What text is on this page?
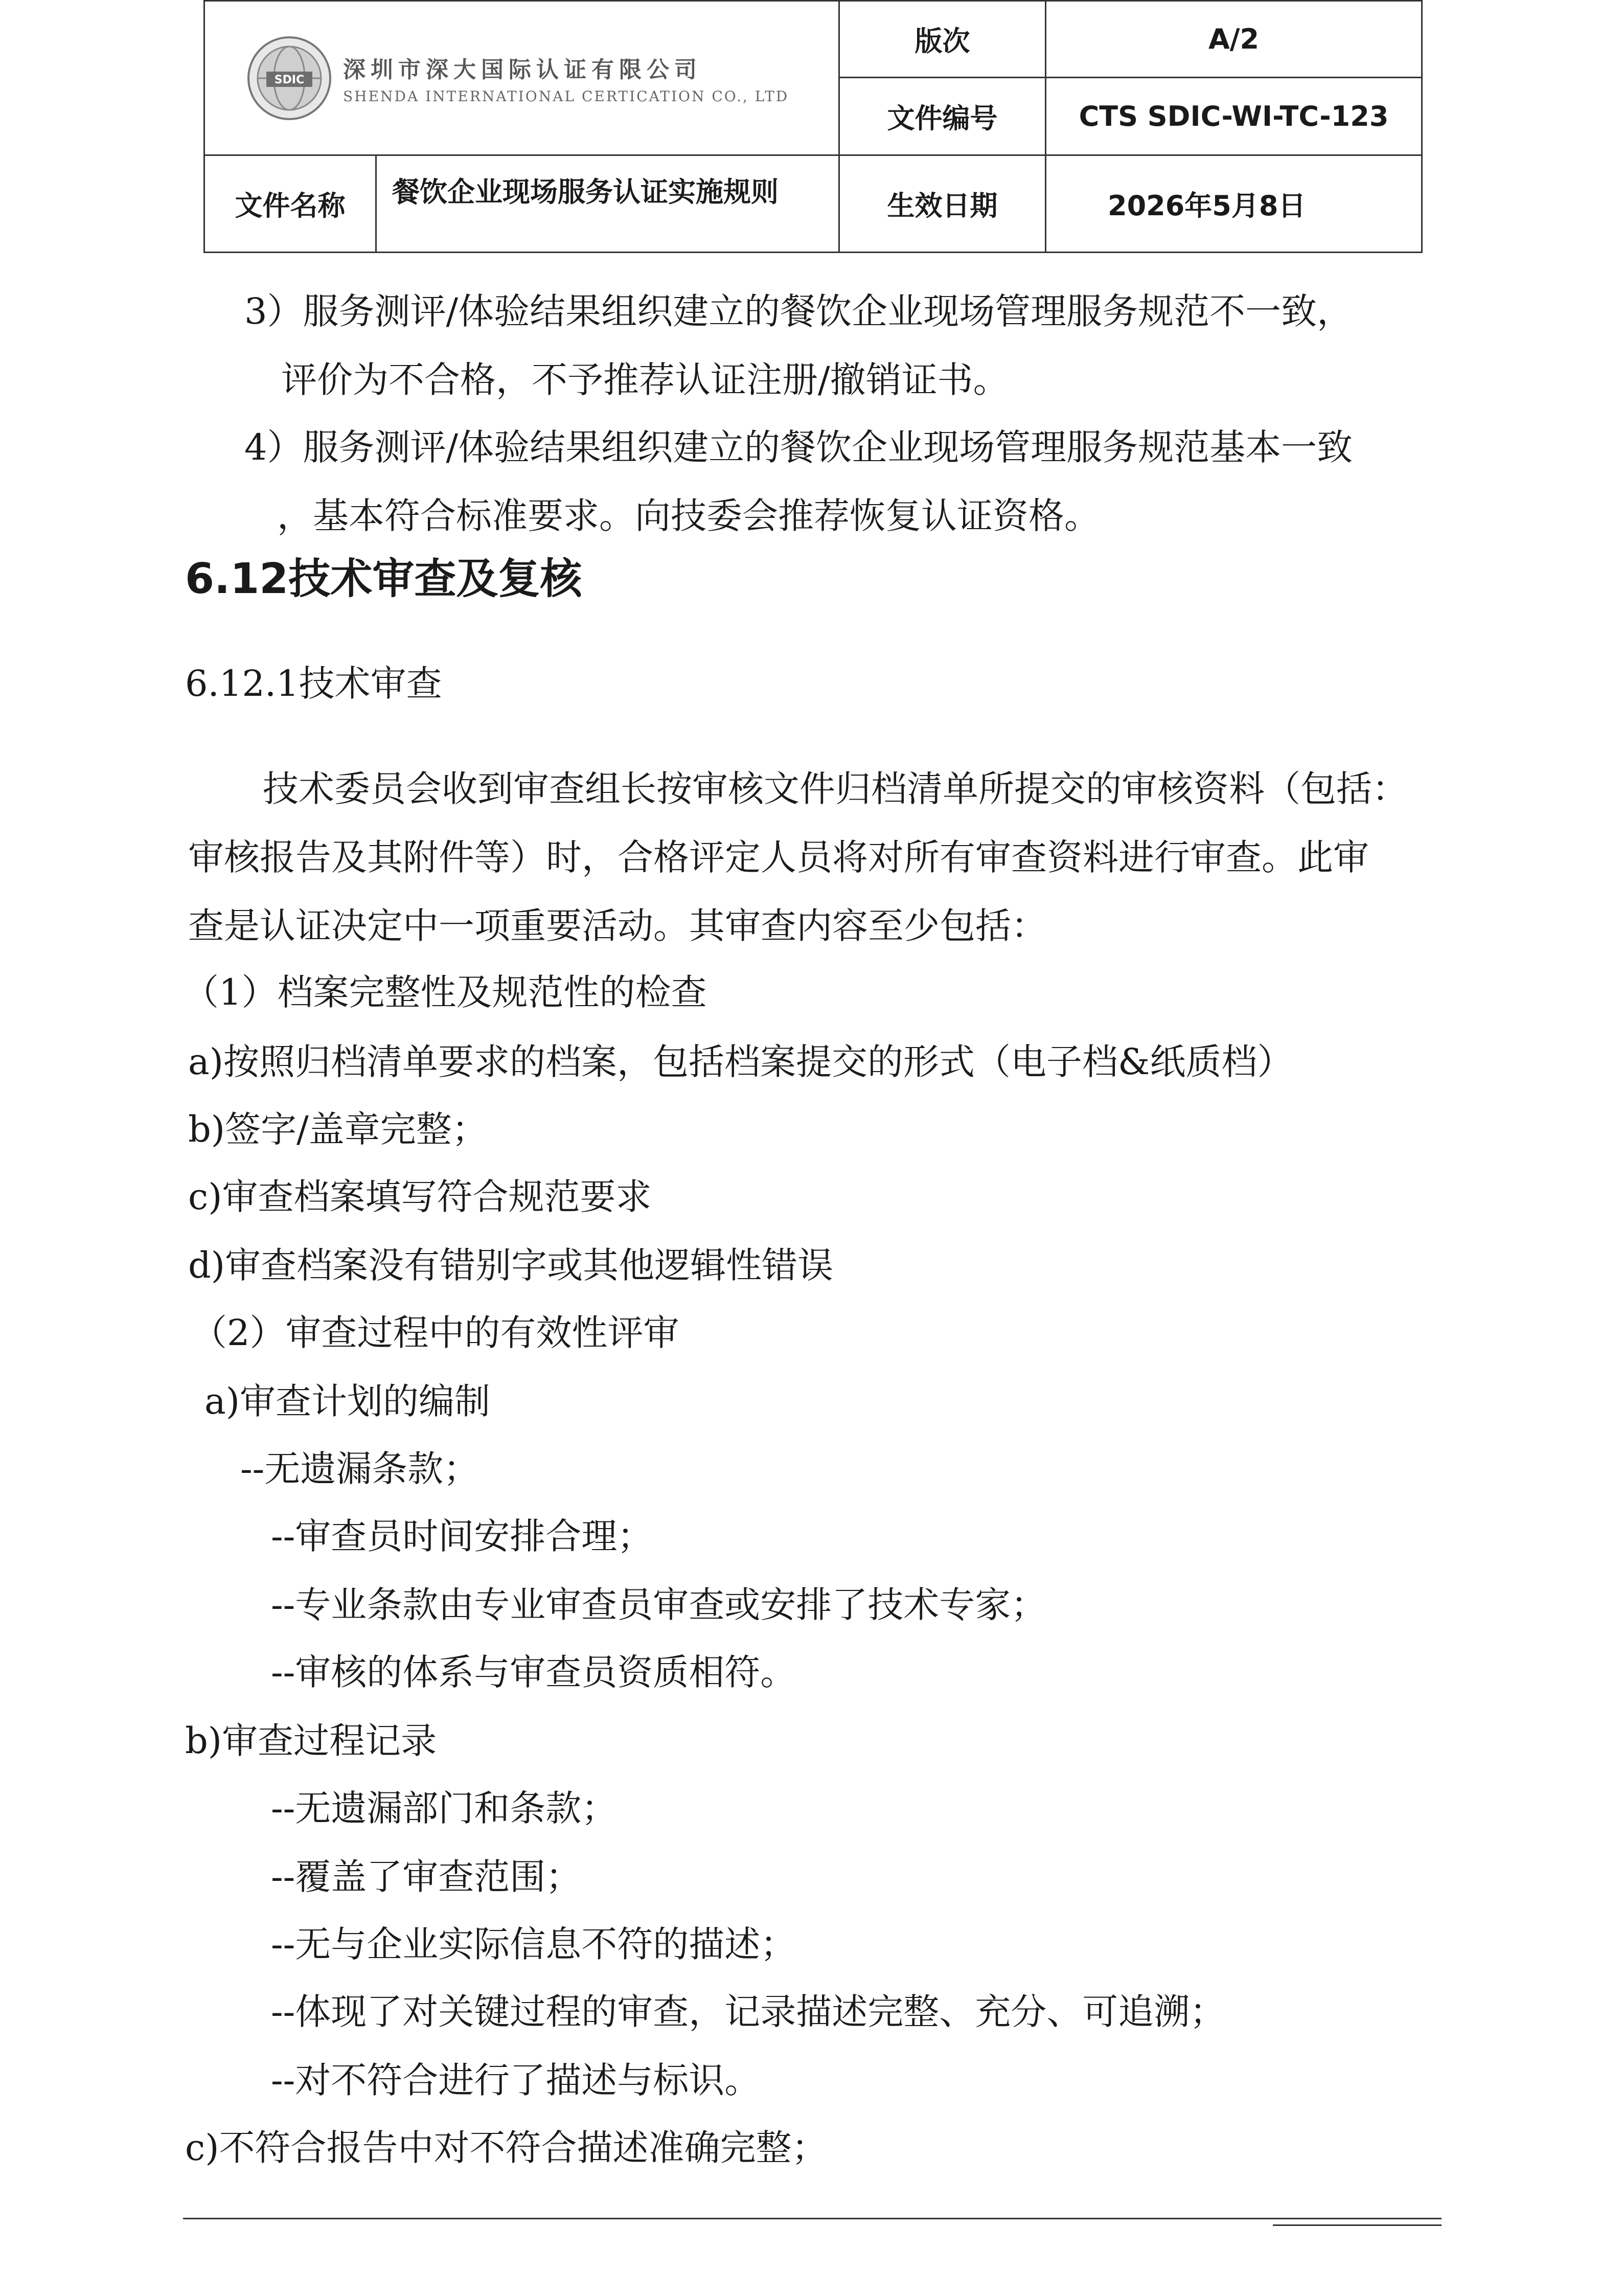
SDIC 深圳市深大国际认证有限公司
SHENDA INTERNATIONAL CERTICATION CO., LTD		版次	A/2
		文件编号	CTS SDIC-WI-TC-123
文件名称	餐饮企业现场服务认证实施规则	生效日期	2026年5月8日
3）服务测评/体验结果组织建立的餐饮企业现场管理服务规范不一致，
评价为不合格，不予推荐认证注册/撤销证书。
4）服务测评/体验结果组织建立的餐饮企业现场管理服务规范基本一致
，基本符合标准要求。向技委会推荐恢复认证资格。
6.12技术审查及复核
6.12.1技术审查
技术委员会收到审查组长按审核文件归档清单所提交的审核资料（包括：
审核报告及其附件等）时，合格评定人员将对所有审查资料进行审查。此审
查是认证决定中一项重要活动。其审查内容至少包括：
（1）档案完整性及规范性的检查
a)按照归档清单要求的档案，包括档案提交的形式（电子档&纸质档）
b)签字/盖章完整；
c)审查档案填写符合规范要求
d)审查档案没有错别字或其他逻辑性错误
（2）审查过程中的有效性评审
a)审查计划的编制
--无遗漏条款；
--审查员时间安排合理；
--专业条款由专业审查员审查或安排了技术专家；
--审核的体系与审查员资质相符。
b)审查过程记录
--无遗漏部门和条款；
--覆盖了审查范围；
--无与企业实际信息不符的描述；
--体现了对关键过程的审查，记录描述完整、充分、可追溯；
--对不符合进行了描述与标识。
c)不符合报告中对不符合描述准确完整；
